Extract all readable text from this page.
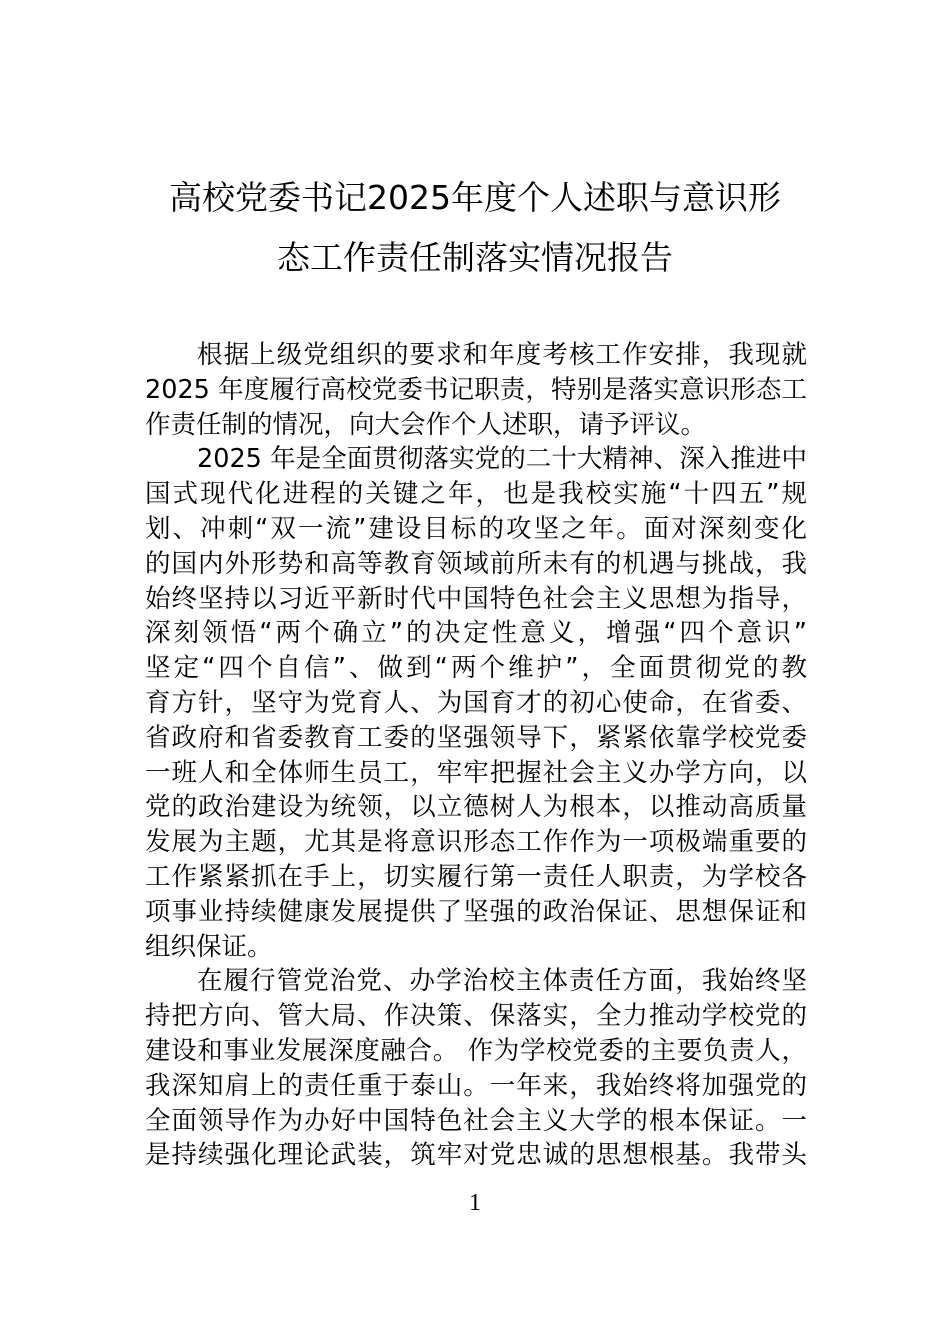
高校党委书记2025年度个人述职与意识形
态工作责任制落实情况报告
根据上级党组织的要求和年度考核工作安排，我现就
2025 年度履行高校党委书记职责，特别是落实意识形态工
作责任制的情况，向大会作个人述职，请予评议。
2025 年是全面贯彻落实党的二十大精神、深入推进中
国式现代化进程的关键之年，也是我校实施“十四五”规
划、冲刺“双一流”建设目标的攻坚之年。面对深刻变化
的国内外形势和高等教育领域前所未有的机遇与挑战，我
始终坚持以习近平新时代中国特色社会主义思想为指导，
深刻领悟“两个确立”的决定性意义，增强“四个意识”
坚定“四个自信”、做到“两个维护”，全面贯彻党的教
育方针，坚守为党育人、为国育才的初心使命，在省委、
省政府和省委教育工委的坚强领导下，紧紧依靠学校党委
一班人和全体师生员工，牢牢把握社会主义办学方向，以
党的政治建设为统领，以立德树人为根本，以推动高质量
发展为主题，尤其是将意识形态工作作为一项极端重要的
工作紧紧抓在手上，切实履行第一责任人职责，为学校各
项事业持续健康发展提供了坚强的政治保证、思想保证和
组织保证。
在履行管党治党、办学治校主体责任方面，我始终坚
持把方向、管大局、作决策、保落实，全力推动学校党的
建设和事业发展深度融合。 作为学校党委的主要负责人，
我深知肩上的责任重于泰山。一年来，我始终将加强党的
全面领导作为办好中国特色社会主义大学的根本保证。一
是持续强化理论武装，筑牢对党忠诚的思想根基。我带头
1
